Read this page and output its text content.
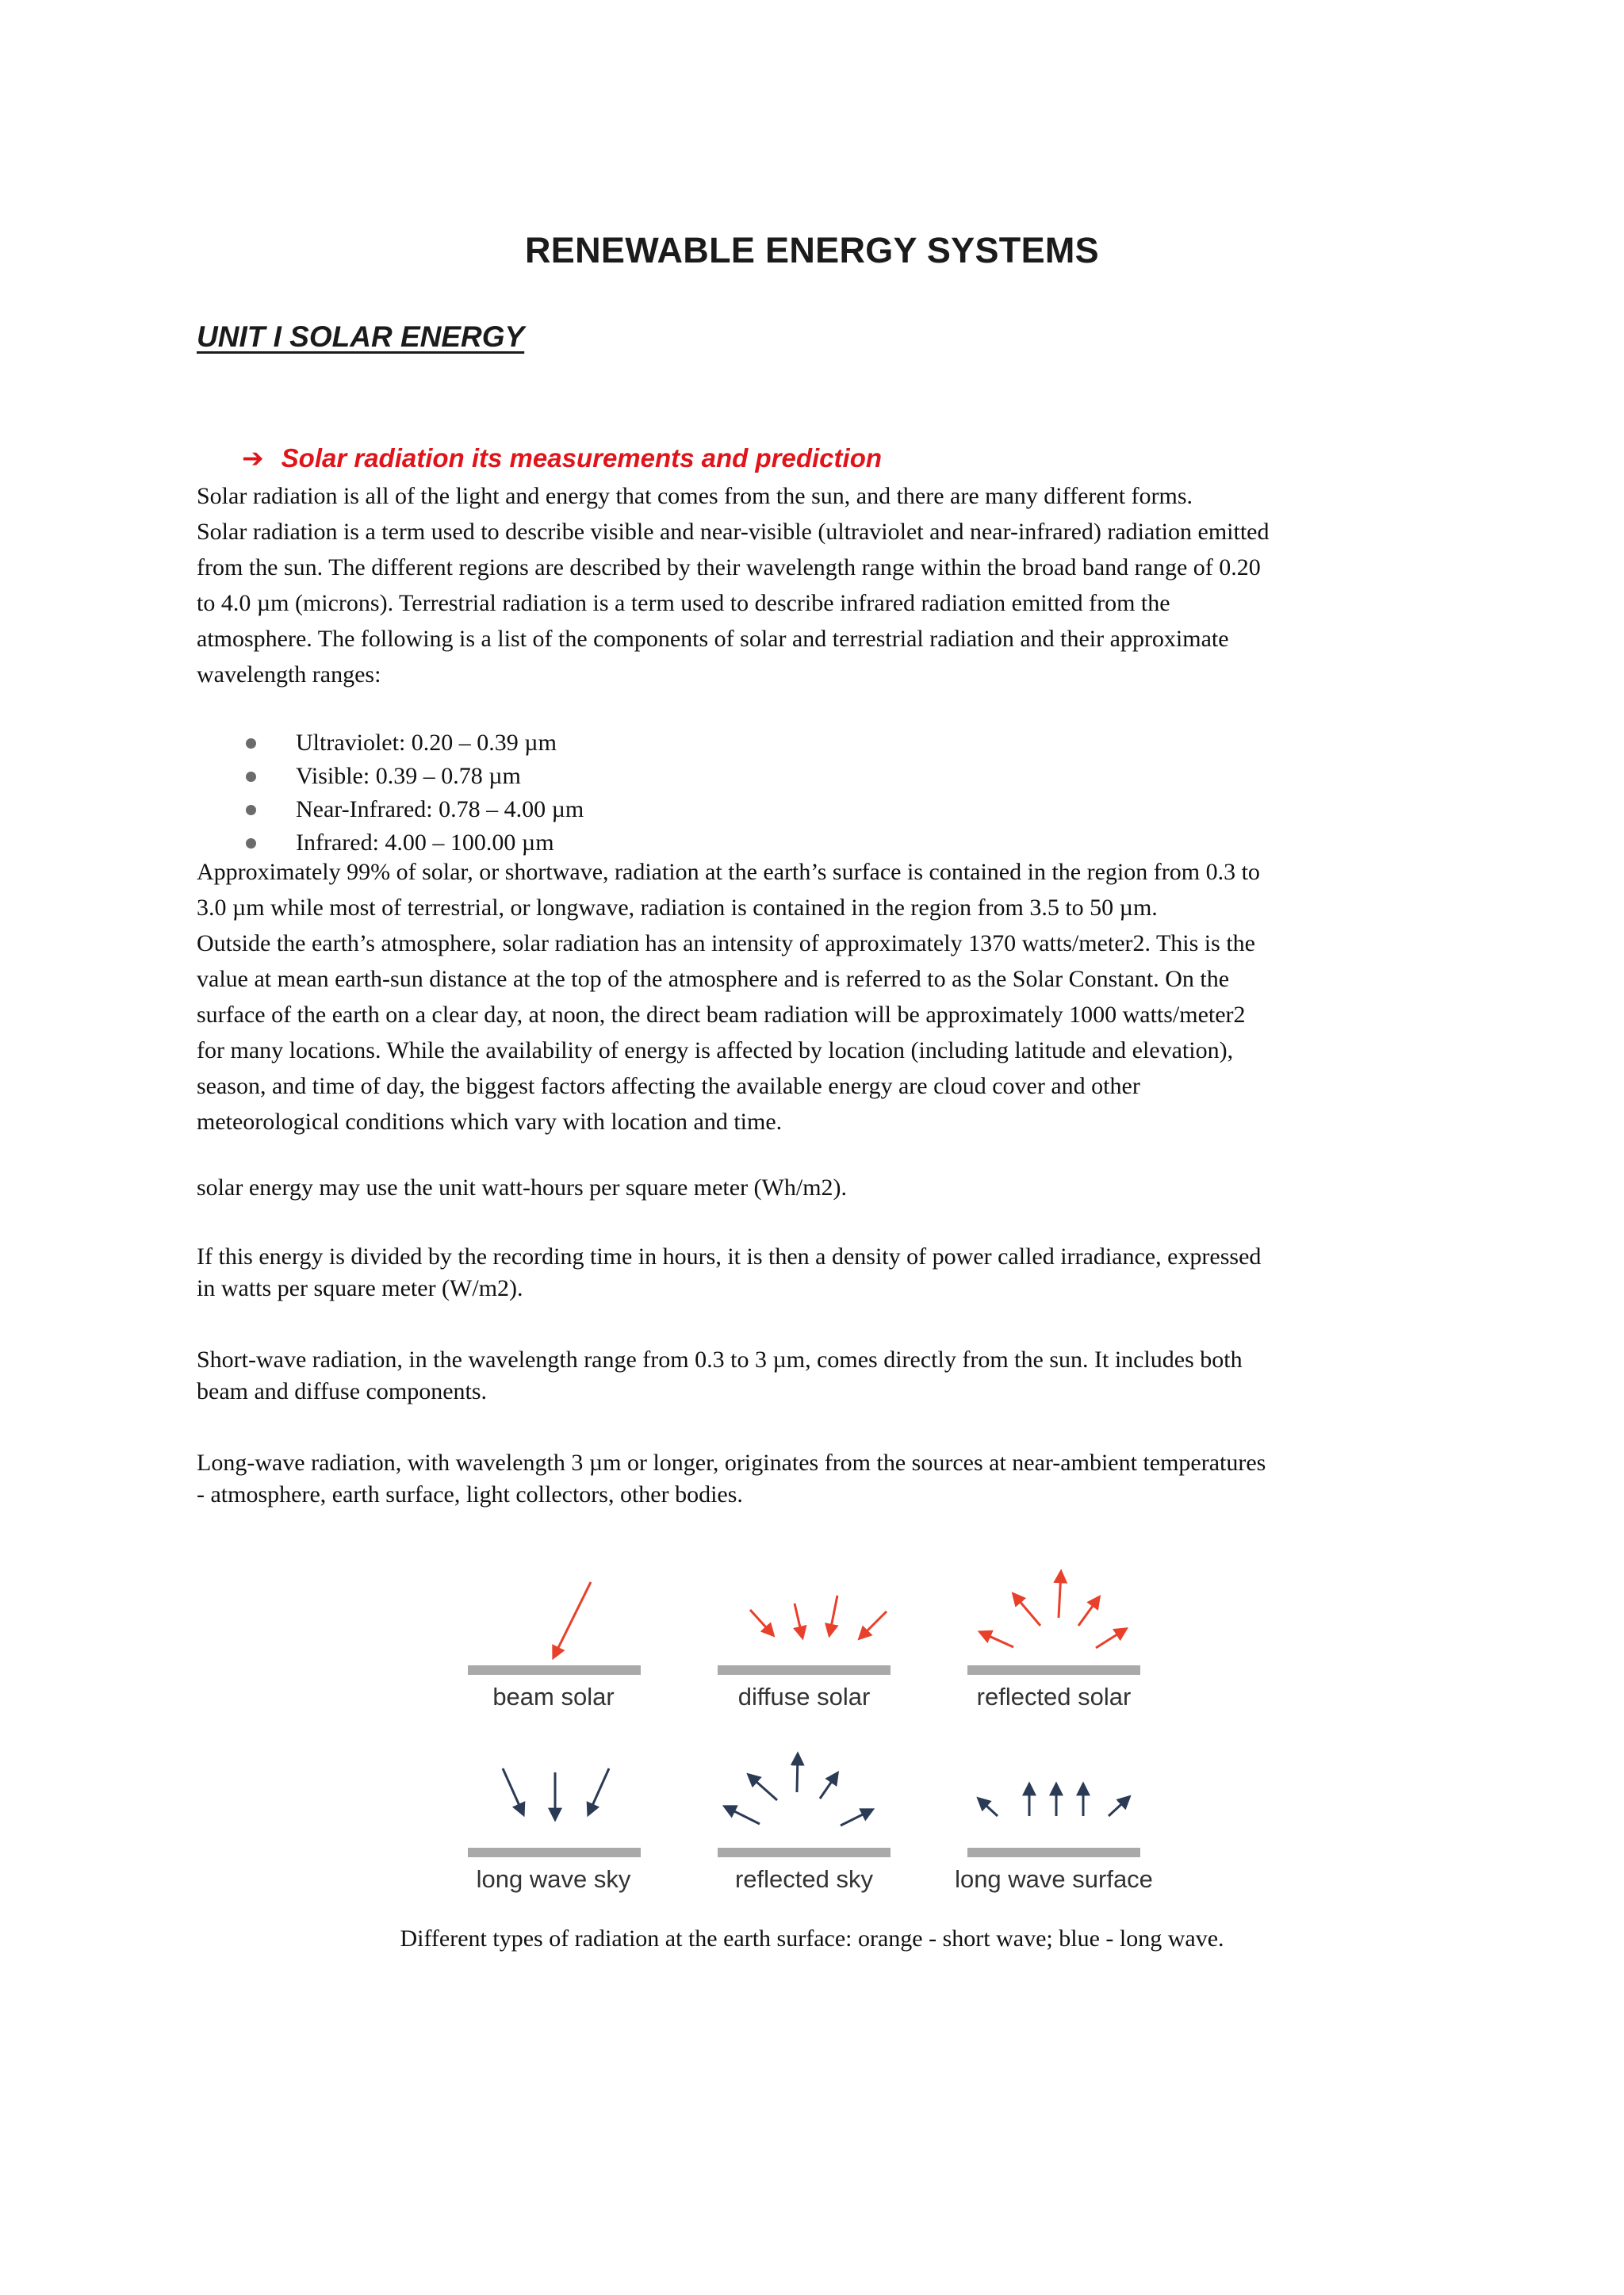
RENEWABLE ENERGY SYSTEMS
UNIT I SOLAR ENERGY
➔ Solar radiation its measurements and prediction
Solar radiation is all of the light and energy that comes from the sun, and there are many different forms.
Solar radiation is a term used to describe visible and near-visible (ultraviolet and near-infrared) radiation emitted
from the sun. The different regions are described by their wavelength range within the broad band range of 0.20
to 4.0 µm (microns). Terrestrial radiation is a term used to describe infrared radiation emitted from the
atmosphere. The following is a list of the components of solar and terrestrial radiation and their approximate
wavelength ranges:
Ultraviolet: 0.20 – 0.39 µm
Visible: 0.39 – 0.78 µm
Near-Infrared: 0.78 – 4.00 µm
Infrared: 4.00 – 100.00 µm
Approximately 99% of solar, or shortwave, radiation at the earth’s surface is contained in the region from 0.3 to
3.0 µm while most of terrestrial, or longwave, radiation is contained in the region from 3.5 to 50 µm.
Outside the earth’s atmosphere, solar radiation has an intensity of approximately 1370 watts/meter2. This is the
value at mean earth-sun distance at the top of the atmosphere and is referred to as the Solar Constant. On the
surface of the earth on a clear day, at noon, the direct beam radiation will be approximately 1000 watts/meter2
for many locations. While the availability of energy is affected by location (including latitude and elevation),
season, and time of day, the biggest factors affecting the available energy are cloud cover and other
meteorological conditions which vary with location and time.
solar energy may use the unit watt-hours per square meter (Wh/m2).
If this energy is divided by the recording time in hours, it is then a density of power called irradiance, expressed
in watts per square meter (W/m2).
Short-wave radiation, in the wavelength range from 0.3 to 3 µm, comes directly from the sun. It includes both
beam and diffuse components.
Long-wave radiation, with wavelength 3 µm or longer, originates from the sources at near-ambient temperatures
- atmosphere, earth surface, light collectors, other bodies.
beam solar	diffuse solar	reflected solar
long wave sky	reflected sky	long wave surface
Different types of radiation at the earth surface: orange - short wave; blue - long wave.
